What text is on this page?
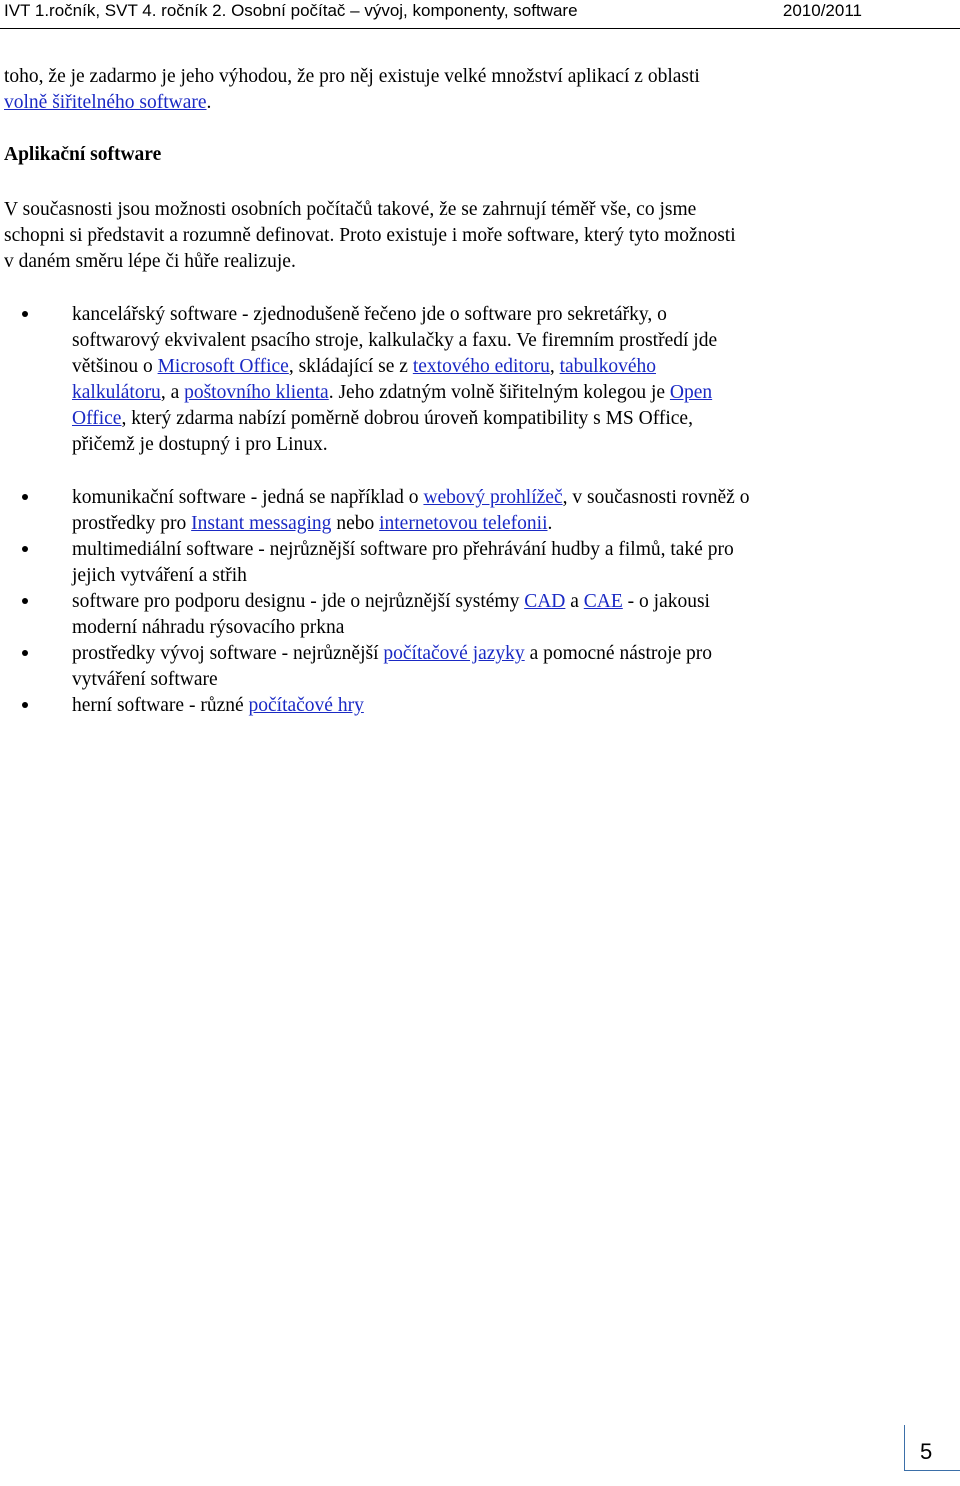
IVT 1.ročník, SVT 4. ročník 2. Osobní počítač – vývoj, komponenty, software	2010/2011
toho, že je zadarmo je jeho výhodou, že pro něj existuje velké množství aplikací z oblasti
volně šiřitelného software.
Aplikační software
V současnosti jsou možnosti osobních počítačů takové, že se zahrnují téměř vše, co jsme
schopni si představit a rozumně definovat. Proto existuje i moře software, který tyto možnosti
v daném směru lépe či hůře realizuje.
kancelářský software - zjednodušeně řečeno jde o software pro sekretářky, o
softwarový ekvivalent psacího stroje, kalkulačky a faxu. Ve firemním prostředí jde
většinou o Microsoft Office, skládající se z textového editoru, tabulkového
kalkulátoru, a poštovního klienta. Jeho zdatným volně šiřitelným kolegou je Open
Office, který zdarma nabízí poměrně dobrou úroveň kompatibility s MS Office,
přičemž je dostupný i pro Linux.
komunikační software - jedná se například o webový prohlížeč, v současnosti rovněž o
prostředky pro Instant messaging nebo internetovou telefonii.
multimediální software - nejrůznější software pro přehrávání hudby a filmů, také pro
jejich vytváření a střih
software pro podporu designu - jde o nejrůznější systémy CAD a CAE - o jakousi
moderní náhradu rýsovacího prkna
prostředky vývoj software - nejrůznější počítačové jazyky a pomocné nástroje pro
vytváření software
herní software - různé počítačové hry
5
